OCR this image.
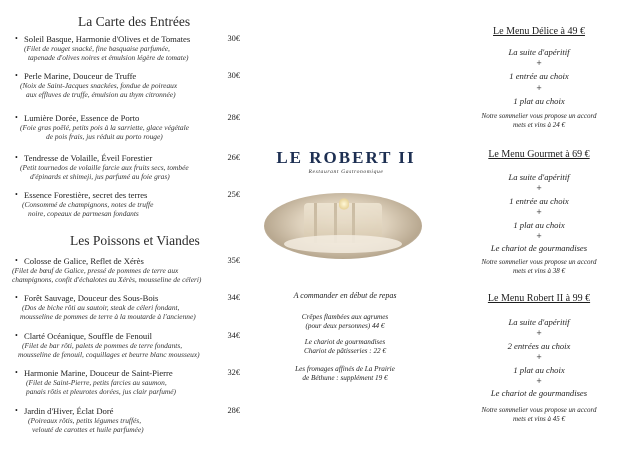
La Carte des Entrées
• Soleil Basque, Harmonie d'Olives et de Tomates	30€
(Filet de rouget snacké, fine basquaise parfumée,
tapenade d'olives noires et émulsion légère de tomate)
• Perle Marine, Douceur de Truffe	30€
(Noix de Saint-Jacques snackées, fondue de poireaux
aux effluves de truffe, émulsion au thym citronnée)
• Lumière Dorée, Essence de Porto	28€
(Foie gras poêlé, petits pois à la sarriette, glace végétale
de pois frais, jus réduit au porto rouge)
• Tendresse de Volaille, Éveil Forestier	26€
(Petit tournedos de volaille farcie aux fruits secs, tombée
d'épinards et shimeji, jus parfumé au foie gras)
• Essence Forestière, secret des terres	25€
(Consommé de champignons, notes de truffe
noire, copeaux de parmesan fondants
Les Poissons et Viandes
• Colosse de Galice, Reflet de Xérès	35€
(Filet de bœuf de Galice, pressé de pommes de terre aux
champignons, confit d'échalotes au Xérès, mousseline de céleri)
• Forêt Sauvage, Douceur des Sous-Bois	34€
(Dos de biche rôti au sautoir, steak de céleri fondant,
mousseline de pommes de terre à la moutarde à l'ancienne)
• Clarté Océanique, Souffle de Fenouil	34€
(Filet de bar rôti, palets de pommes de terre fondants,
mousseline de fenouil, coquillages et beurre blanc mousseux)
• Harmonie Marine, Douceur de Saint-Pierre	32€
(Filet de Saint-Pierre, petits farcies au saumon,
panais rôtis et pleurotes dorées, jus clair parfumé)
• Jardin d'Hiver, Éclat Doré	28€
(Poireaux rôtis, petits légumes truffés,
velouté de carottes et huile parfumée)
LE ROBERT II
Restaurant Gastronomique
A commander en début de repas
Crêpes flambées aux agrumes
(pour deux personnes) 44 €
Le chariot de gourmandises
Chariot de pâtisseries : 22 €
Les fromages affinés de La Prairie
de Béthune : supplément 19 €
Le Menu Délice à 49 €
La suite d'apéritif
+
1 entrée au choix
+
1 plat au choix
Notre sommelier vous propose un accord
mets et vins à 24 €
Le Menu Gourmet à 69 €
La suite d'apéritif
+
1 entrée au choix
+
1 plat au choix
+
Le chariot de gourmandises
Notre sommelier vous propose un accord
mets et vins à 38 €
Le Menu Robert II à 99 €
La suite d'apéritif
+
2 entrées au choix
+
1 plat au choix
+
Le chariot de gourmandises
Notre sommelier vous propose un accord
mets et vins à 45 €
